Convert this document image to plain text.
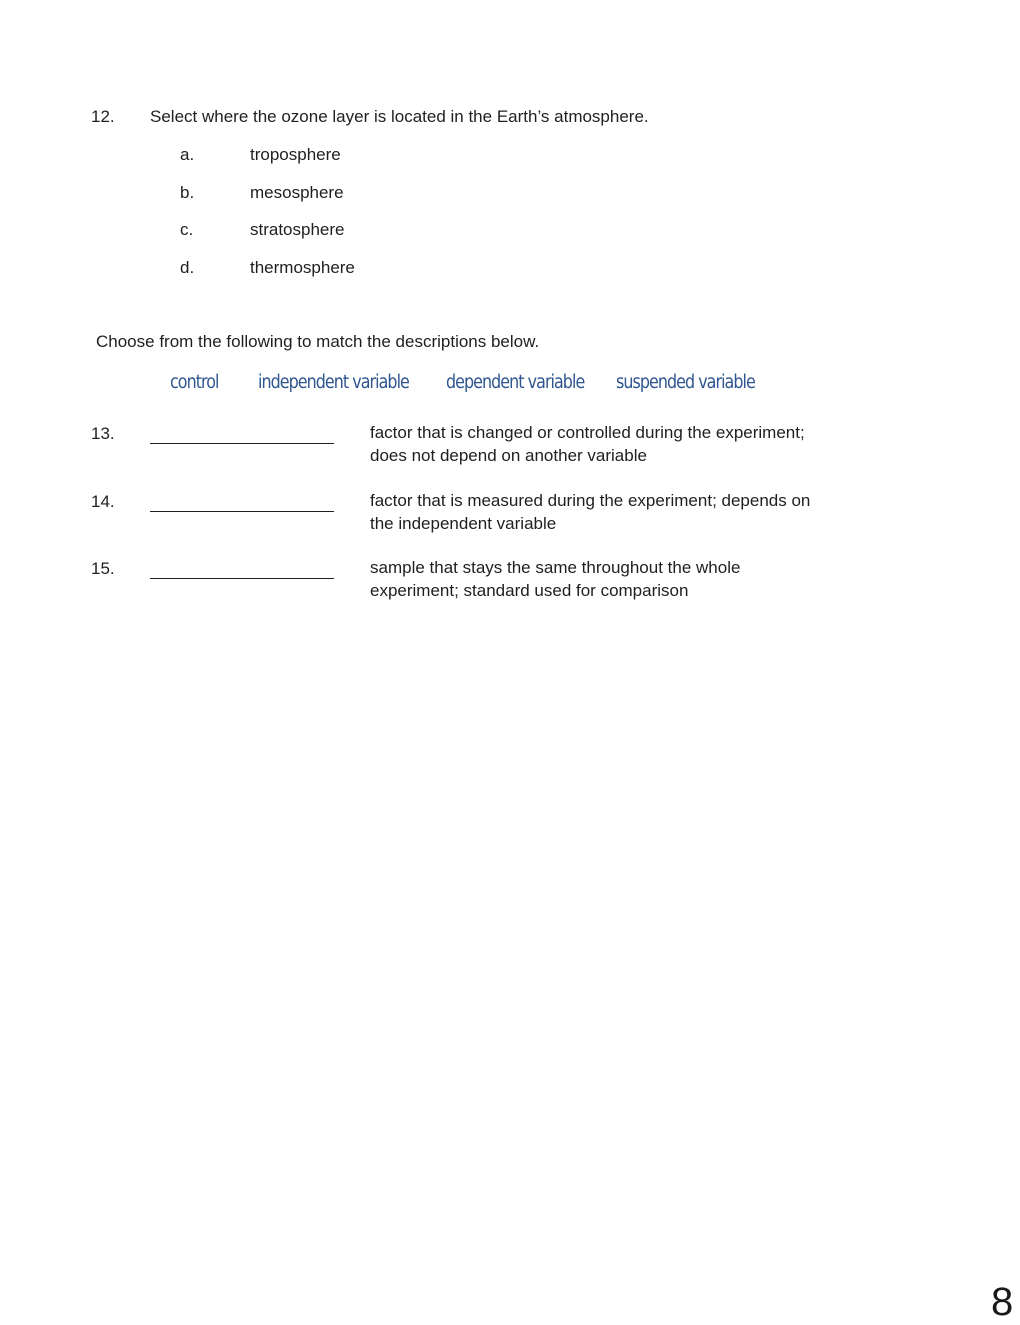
12. Select where the ozone layer is located in the Earth’s atmosphere.
a.	troposphere
b.	mesosphere
c.	stratosphere
d.	thermosphere
Choose from the following to match the descriptions below.
control independent variable dependent variable suspended variable
13.	factor that is changed or controlled during the experiment;
does not depend on another variable
14.	factor that is measured during the experiment; depends on
the independent variable
15.	sample that stays the same throughout the whole
experiment; standard used for comparison
8
